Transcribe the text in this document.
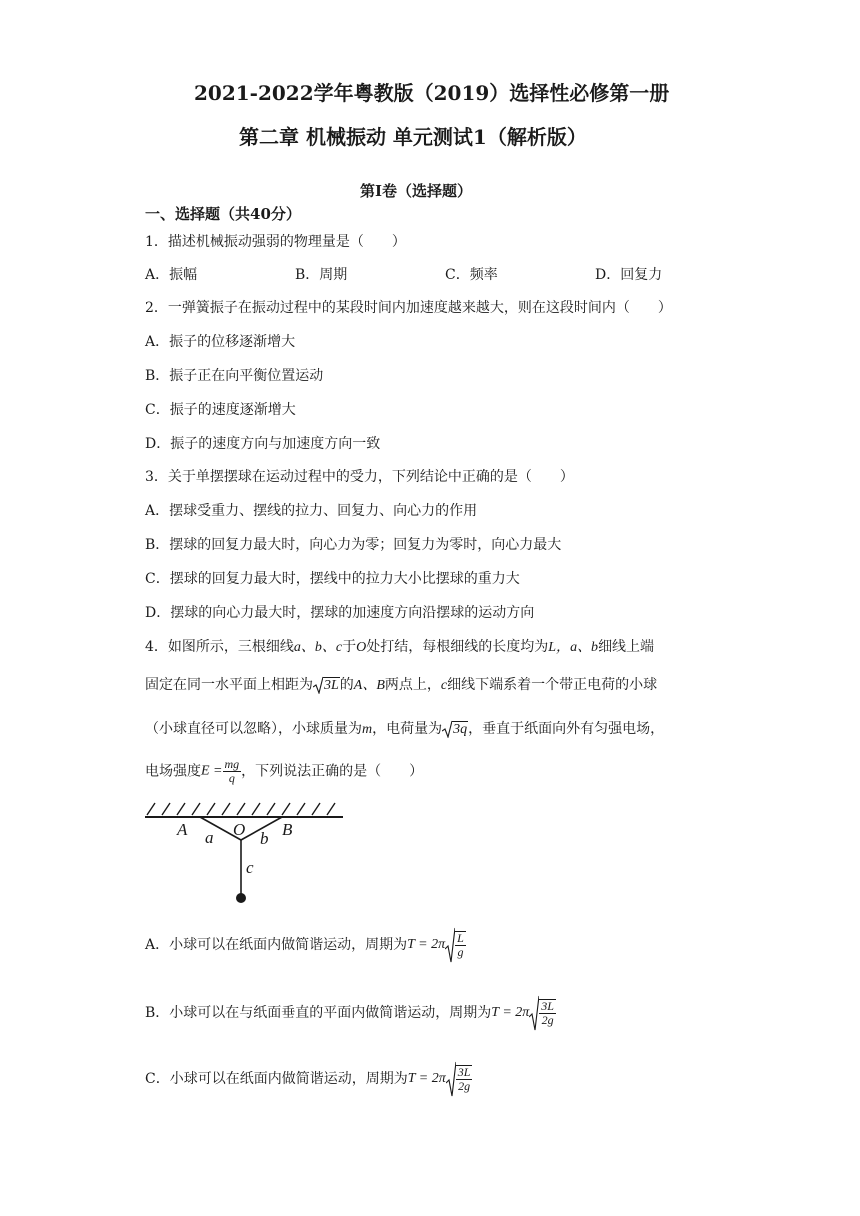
2021-2022学年粤教版（2019）选择性必修第一册
第二章 机械振动 单元测试1（解析版）
第I卷（选择题）
一、选择题（共40分）
1．描述机械振动强弱的物理量是（　　）
A．振幅	B．周期	C．频率	D．回复力
2．一弹簧振子在振动过程中的某段时间内加速度越来越大，则在这段时间内（　　）
A．振子的位移逐渐增大
B．振子正在向平衡位置运动
C．振子的速度逐渐增大
D．振子的速度方向与加速度方向一致
3．关于单摆摆球在运动过程中的受力，下列结论中正确的是（　　）
A．摆球受重力、摆线的拉力、回复力、向心力的作用
B．摆球的回复力最大时，向心力为零；回复力为零时，向心力最大
C．摆球的回复力最大时，摆线中的拉力大小比摆球的重力大
D．摆球的向心力最大时，摆球的加速度方向沿摆球的运动方向
4．如图所示，三根细线a、b、c于O处打结，每根细线的长度均为L，a、b细线上端
固定在同一水平面上相距为 3L的A、B两点上，c细线下端系着一个带正电荷的小球
（小球直径可以忽略），小球质量为m，电荷量为 3q，垂直于纸面向外有匀强电场，
电场强度$E = \frac{mg}{q}$ ，下列说法正确的是（　　）
A a O b B
c
A．小球可以在纸面内做简谐运动，周期为 $T = 2\pi \frac{L}{g}$
B．小球可以在与纸面垂直的平面内做简谐运动，周期为 $T = 2\pi \frac{3L}{2g}$
C．小球可以在纸面内做简谐运动，周期为 $T = 2\pi \frac{3L}{2g}$
